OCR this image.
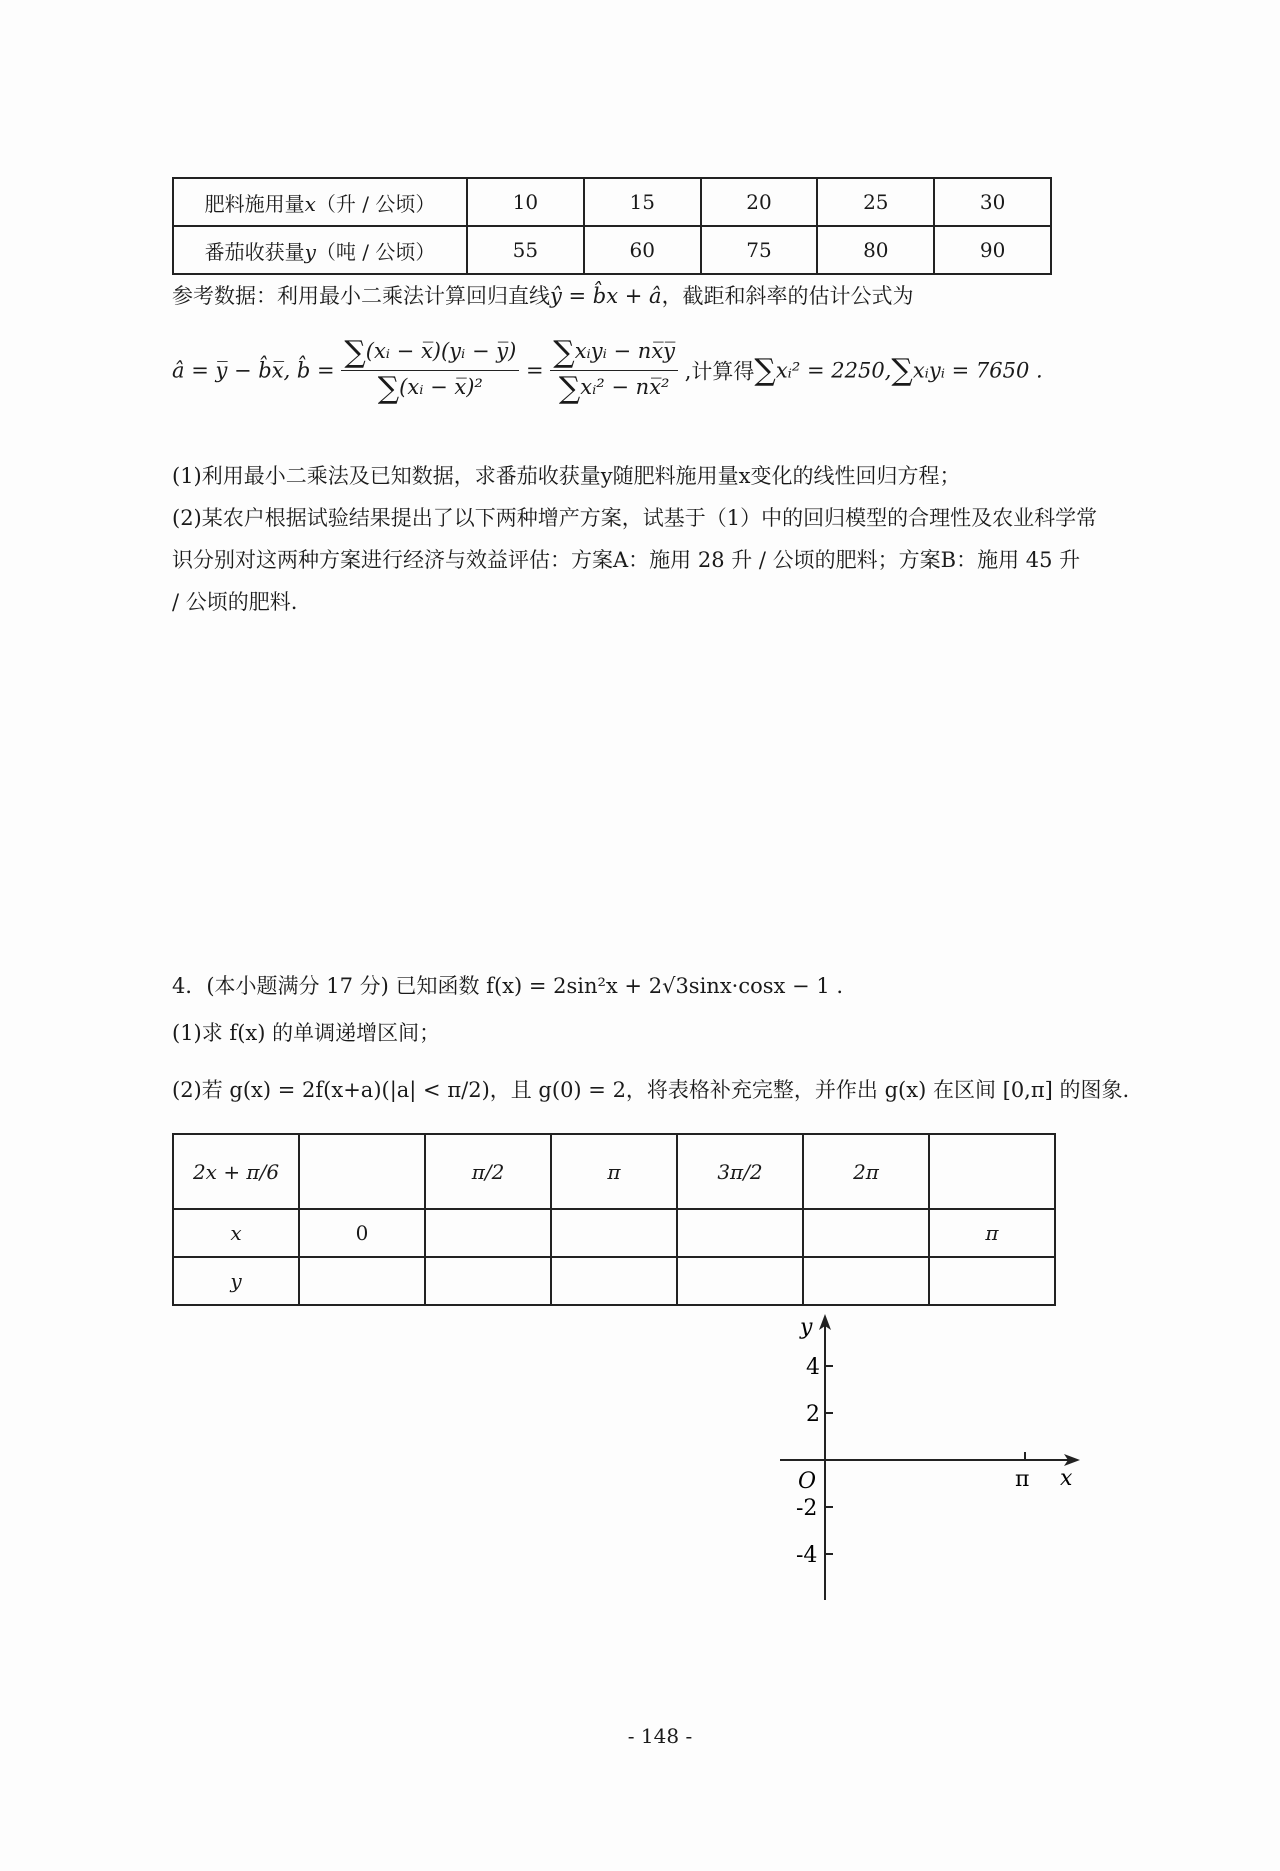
肥料施用量x（升 / 公顷）	10	15	20	25	30
番茄收获量y（吨 / 公顷）	55	60	75	80	90
参考数据：利用最小二乘法计算回归直线ŷ = b̂x + â，截距和斜率的估计公式为
â = y̅ − b̂x̅, b̂ = $\frac{\text{∑(xᵢ − x̅)(yᵢ − y̅)}}{\text{∑(xᵢ − x̅)²}} = \frac{\text{∑xᵢyᵢ − nx̅y̅}}{\text{∑xᵢ² − nx̅²}}$ ,计算得∑xᵢ² = 2250,∑xᵢyᵢ = 7650 .
(1)利用最小二乘法及已知数据，求番茄收获量y随肥料施用量x变化的线性回归方程；
(2)某农户根据试验结果提出了以下两种增产方案，试基于（1）中的回归模型的合理性及农业科学常
识分别对这两种方案进行经济与效益评估：方案A：施用 28 升 / 公顷的肥料；方案B：施用 45 升
/ 公顷的肥料.
4．(本小题满分 17 分) 已知函数 f(x) = 2sin²x + 2√3sinx·cosx − 1 .
(1)求 f(x) 的单调递增区间；
(2)若 g(x) = 2f(x+a)(|a| < π/2)，且 g(0) = 2，将表格补充完整，并作出 g(x) 在区间 [0,π] 的图象.
2x + π/6		π/2	π	3π/2	2π	
x	0					π
y						
y
x
O	π
4
2
-2
-4
- 148 -
